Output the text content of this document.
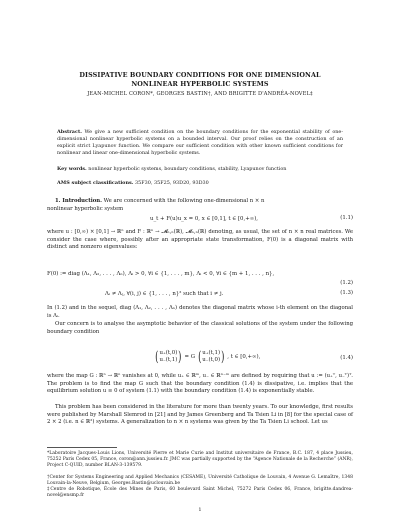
DISSIPATIVE BOUNDARY CONDITIONS FOR ONE DIMENSIONAL
NONLINEAR HYPERBOLIC SYSTEMS
JEAN-MICHEL CORON*, GEORGES BASTIN†, AND BRIGITTE D'ANDRÉA-NOVEL‡
Abstract. We give a new sufficient condition on the boundary conditions for the exponential stability of one-dimensional nonlinear hyperbolic systems on a bounded interval. Our proof relies on the construction of an explicit strict Lyapunov function. We compare our sufficient condition with other known sufficient conditions for nonlinear and linear one-dimensional hyperbolic systems.
Key words. nonlinear hyperbolic systems, boundary conditions, stability, Lyapunov function
AMS subject classifications. 35F30, 35F25, 93D20, 93D30
1. Introduction. We are concerned with the following one-dimensional n × n
nonlinear hyperbolic system
u_t + F(u)u_x = 0, x ∈ [0,1], t ∈ [0,+∞),	(1.1)
where u : [0,∞) × [0,1] → ℝⁿ and F : ℝⁿ → 𝓜ₙ,ₙ(ℝ), 𝓜ₙ,ₙ(ℝ) denoting, as usual, the set of n × n real matrices. We consider the case where, possibly after an appropriate state transformation, F(0) is a diagonal matrix with distinct and nonzero eigenvalues:
F(0) := diag (Λ₁, Λ₂, . . . , Λₙ), Λᵢ > 0, ∀i ∈ {1, . . . , m}, Λᵢ < 0, ∀i ∈ {m + 1, . . . , n},
(1.2)
Λᵢ ≠ Λⱼ, ∀(i, j) ∈ {1, . . . , n}² such that i ≠ j.	(1.3)
In (1.2) and in the sequel, diag (Λ₁, Λ₂, . . . , Λₙ) denotes the diagonal matrix whose i-th element on the diagonal is Λᵢ.
Our concern is to analyse the asymptotic behavior of the classical solutions of the system under the following boundary condition
( u₊(t,0)
u₋(t,1) ) = G ( u₊(t,1)
u₋(t,0) ) , t ∈ [0,+∞),	(1.4)
where the map G : ℝⁿ → ℝⁿ vanishes at 0, while u₊ ∈ ℝᵐ, u₋ ∈ ℝⁿ⁻ᵐ are defined by requiring that u := (u₊ᵀ, u₋ᵀ)ᵀ. The problem is to find the map G such that the boundary condition (1.4) is dissipative, i.e. implies that the equilibrium solution u ≡ 0 of system (1.1) with the boundary condition (1.4) is exponentially stable.
This problem has been considered in the literature for more than twenty years. To our knowledge, first results were published by Marshall Slemrod in [21] and by James Greenberg and Ta Tsien Li in [8] for the special case of 2 × 2 (i.e. n ∈ ℝ²) systems. A generalization to n × n systems was given by the Ta Tsien Li school. Let us
*Laboratoire Jacques-Louis Lions, Université Pierre et Marie Curie and Institut universitaire de France, B.C. 187, 4 place Jussieu, 75252 Paris Cedex 05, France, coron@ann.jussieu.fr. JMC was partially supported by the “Agence Nationale de la Recherche” (ANR), Project C-QUID, number BLAN-3-139579.
†Center for Systems Engineering and Applied Mechanics (CESAME), Université Catholique de Louvain, 4 Avenue G. Lemaître, 1348 Louvain-la-Neuve, Belgium, Georges.Bastin@uclouvain.be
‡Centre de Robotique, École des Mines de Paris, 60 boulevard Saint Michel, 75272 Paris Cedex 06, France, brigitte.dandrea-novel@ensmp.fr
1
